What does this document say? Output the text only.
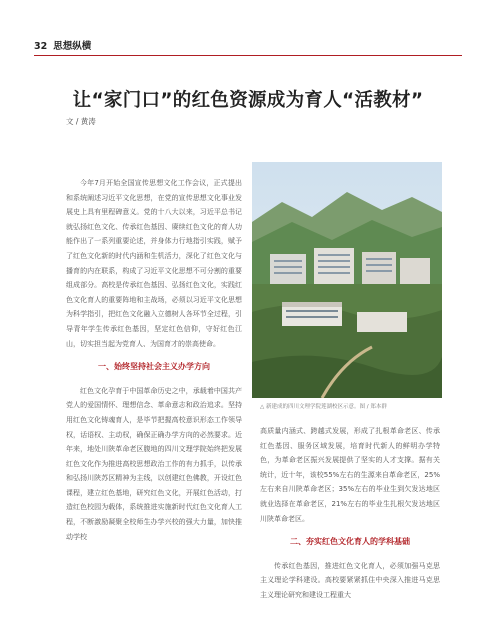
32 思想纵横
让“家门口”的红色资源成为育人“活教材”
文 / 黄涛

今年7月开始全国宣传思想文化工作会议，正式提出和系统阐述习近平文化思想，在党的宣传思想文化事业发展史上具有里程碑意义。党的十八大以来，习近平总书记就弘扬红色文化、传承红色基因、赓续红色文化的育人功能作出了一系列重要论述，并身体力行地指引实践，赋予了红色文化新的时代内涵和生机活力，深化了红色文化与播育的内在联系，构成了习近平文化思想不可分割的重要组成部分。高校是传承红色基因、弘扬红色文化，实践红色文化育人的重要阵地和主战场，必须以习近平文化思想为科学指引，把红色文化融入立德树人各环节全过程，引导青年学生传承红色基因，坚定红色信仰，守好红色江山，切实担当起为党育人、为国育才的崇高使命。

一、始终坚持社会主义办学方向

红色文化孕育于中国革命历史之中，承载着中国共产党人的爱国情怀、理想信念、革命意志和政治追求。坚持用红色文化铸魂育人，是毕节把握高校意识形态工作领导权，话语权、主动权，确保正确办学方向的必然要求。近年来，地处川陕革命老区腹地的四川文理学院始终把发展红色文化作为推进高校思想政治工作的有力抓手，以传承和弘扬川陕苏区精神为主线，以创建红色佛教，开设红色课程，建立红色基地，研究红色文化，开展红色活动，打造红色校园为载体，系统推进实施新时代红色文化育人工程，不断激励凝聚全校师生办学兴校的强大力量，加快推动学校

△ 新建成的四川文理学院莲湖校区示意。图 / 郑本群

高质量内涵式、跨越式发展，形成了扎根革命老区、传承红色基因、服务区域发展，培育时代新人的鲜明办学特色，为革命老区振兴发展提供了坚实的人才支撑。据有关统计，近十年，该校55%左右的生源来自革命老区，25%左右来自川陕革命老区；35%左右的毕业生到欠发达地区就业选择在革命老区，21%左右的毕业生扎根欠发达地区川陕革命老区。

二、夯实红色文化育人的学科基础

传承红色基因，推进红色文化育人，必须加强马克思主义理论学科建设。高校要紧紧抓住中央深入推进马克思主义理论研究和建设工程重大
